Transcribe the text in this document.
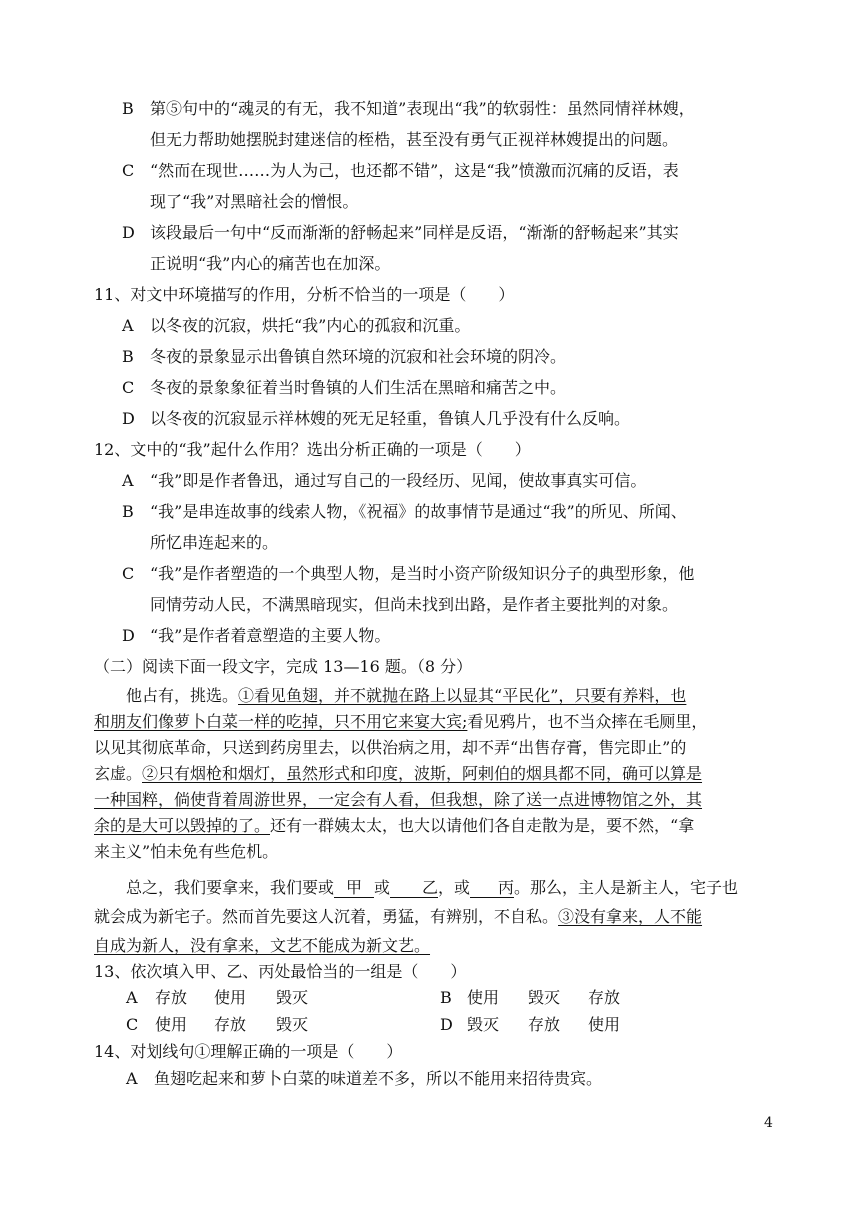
B 第⑤句中的“魂灵的有无，我不知道”表现出“我”的软弱性：虽然同情祥林嫂，
但无力帮助她摆脱封建迷信的桎梏，甚至没有勇气正视祥林嫂提出的问题。
C “然而在现世……为人为己，也还都不错”，这是“我”愤激而沉痛的反语，表
现了“我”对黑暗社会的憎恨。
D 该段最后一句中“反而渐渐的舒畅起来”同样是反语，“渐渐的舒畅起来”其实
正说明“我”内心的痛苦也在加深。
11、对文中环境描写的作用，分析不恰当的一项是（　　）
A 以冬夜的沉寂，烘托“我”内心的孤寂和沉重。
B 冬夜的景象显示出鲁镇自然环境的沉寂和社会环境的阴冷。
C 冬夜的景象象征着当时鲁镇的人们生活在黑暗和痛苦之中。
D 以冬夜的沉寂显示祥林嫂的死无足轻重，鲁镇人几乎没有什么反响。
12、文中的“我”起什么作用？选出分析正确的一项是（　　）
A “我”即是作者鲁迅，通过写自己的一段经历、见闻，使故事真实可信。
B “我”是串连故事的线索人物，《祝福》的故事情节是通过“我”的所见、所闻、
所忆串连起来的。
C “我”是作者塑造的一个典型人物，是当时小资产阶级知识分子的典型形象，他
同情劳动人民，不满黑暗现实，但尚未找到出路，是作者主要批判的对象。
D “我”是作者着意塑造的主要人物。
（二）阅读下面一段文字，完成 13—16 题。（8 分）
他占有，挑选。①看见鱼翅，并不就抛在路上以显其“平民化”，只要有养料，也
和朋友们像萝卜白菜一样的吃掉，只不用它来宴大宾;看见鸦片，也不当众摔在毛厕里，
以见其彻底革命，只送到药房里去，以供治病之用，却不弄“出售存膏，售完即止”的
玄虚。②只有烟枪和烟灯，虽然形式和印度，波斯，阿剌伯的烟具都不同，确可以算是
一种国粹，倘使背着周游世界，一定会有人看，但我想，除了送一点进博物馆之外，其
余的是大可以毁掉的了。还有一群姨太太，也大以请他们各自走散为是，要不然，“拿
来主义”怕未免有些危机。
总之，我们要拿来，我们要或 甲 或 乙，或 丙。那么，主人是新主人，宅子也
就会成为新宅子。然而首先要这人沉着，勇猛，有辨别，不自私。③没有拿来，人不能
自成为新人，没有拿来，文艺不能成为新文艺。
13、依次填入甲、乙、丙处最恰当的一组是（　　）
A 存放 使用 毁灭	B 使用 毁灭 存放
C 使用 存放 毁灭	D 毁灭 存放 使用
14、对划线句①理解正确的一项是（　　）
A 鱼翅吃起来和萝卜白菜的味道差不多，所以不能用来招待贵宾。
4
